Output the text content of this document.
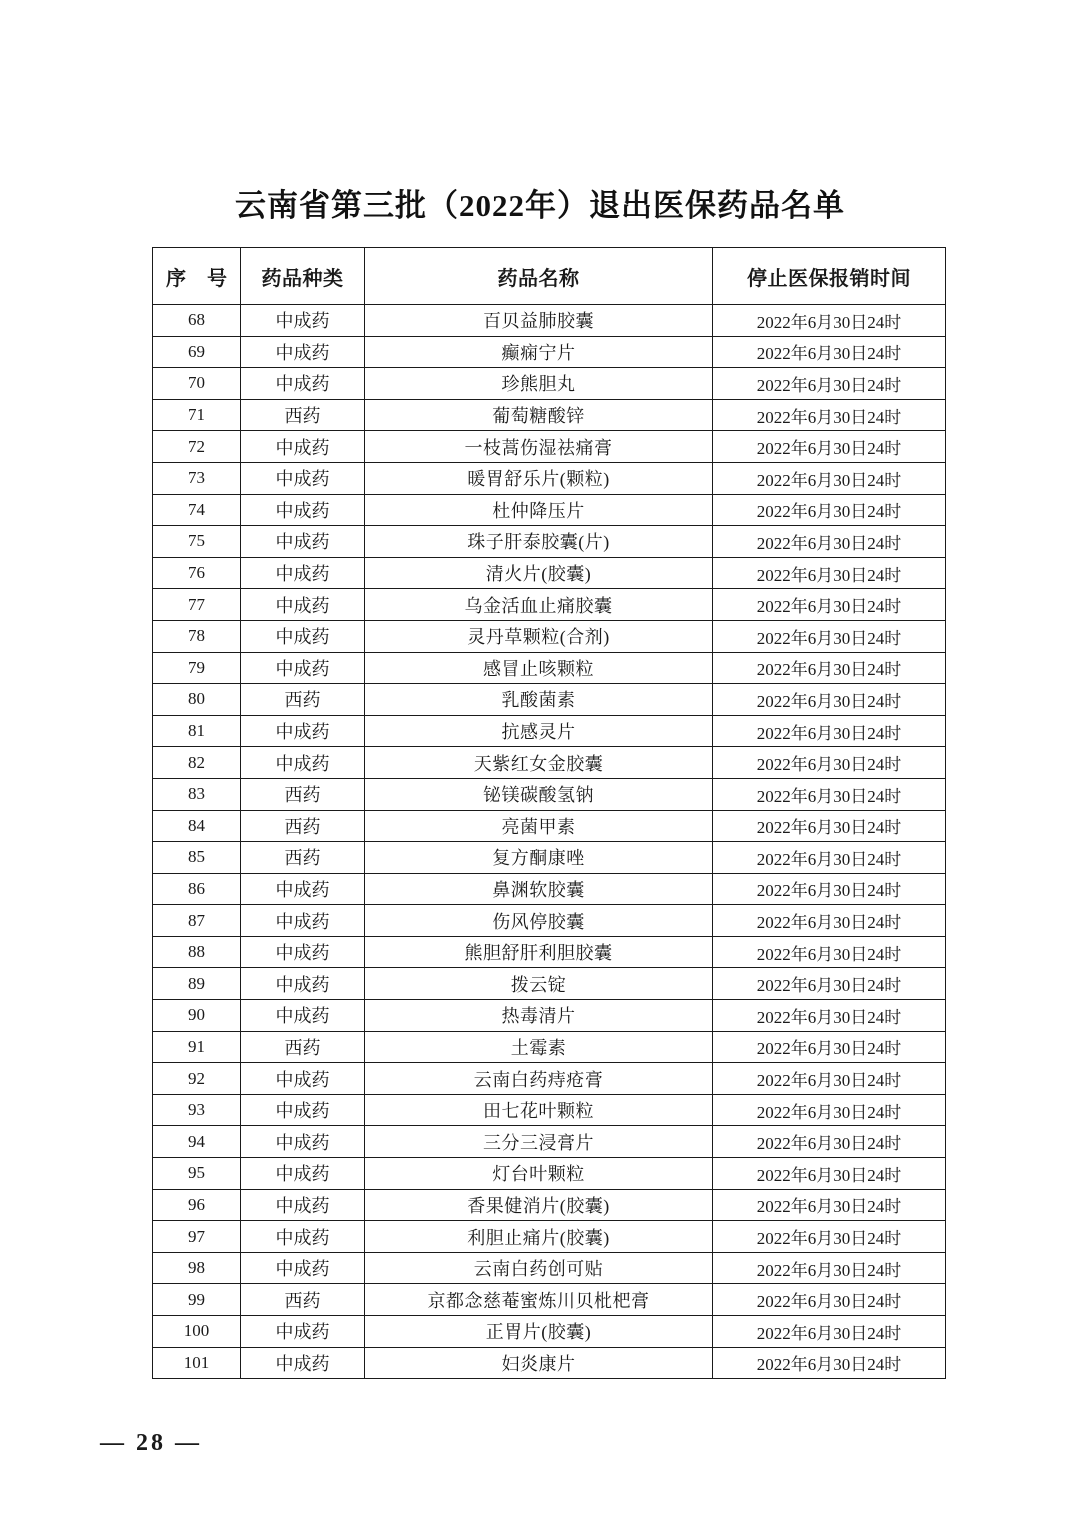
云南省第三批（2022年）退出医保药品名单
序 号	药品种类	药品名称	停止医保报销时间
68	中成药	百贝益肺胶囊	2022年6月30日24时
69	中成药	癫痫宁片	2022年6月30日24时
70	中成药	珍熊胆丸	2022年6月30日24时
71	西药	葡萄糖酸锌	2022年6月30日24时
72	中成药	一枝蒿伤湿祛痛膏	2022年6月30日24时
73	中成药	暖胃舒乐片(颗粒)	2022年6月30日24时
74	中成药	杜仲降压片	2022年6月30日24时
75	中成药	珠子肝泰胶囊(片)	2022年6月30日24时
76	中成药	清火片(胶囊)	2022年6月30日24时
77	中成药	乌金活血止痛胶囊	2022年6月30日24时
78	中成药	灵丹草颗粒(合剂)	2022年6月30日24时
79	中成药	感冒止咳颗粒	2022年6月30日24时
80	西药	乳酸菌素	2022年6月30日24时
81	中成药	抗感灵片	2022年6月30日24时
82	中成药	天紫红女金胶囊	2022年6月30日24时
83	西药	铋镁碳酸氢钠	2022年6月30日24时
84	西药	亮菌甲素	2022年6月30日24时
85	西药	复方酮康唑	2022年6月30日24时
86	中成药	鼻渊软胶囊	2022年6月30日24时
87	中成药	伤风停胶囊	2022年6月30日24时
88	中成药	熊胆舒肝利胆胶囊	2022年6月30日24时
89	中成药	拨云锭	2022年6月30日24时
90	中成药	热毒清片	2022年6月30日24时
91	西药	土霉素	2022年6月30日24时
92	中成药	云南白药痔疮膏	2022年6月30日24时
93	中成药	田七花叶颗粒	2022年6月30日24时
94	中成药	三分三浸膏片	2022年6月30日24时
95	中成药	灯台叶颗粒	2022年6月30日24时
96	中成药	香果健消片(胶囊)	2022年6月30日24时
97	中成药	利胆止痛片(胶囊)	2022年6月30日24时
98	中成药	云南白药创可贴	2022年6月30日24时
99	西药	京都念慈菴蜜炼川贝枇杷膏	2022年6月30日24时
100	中成药	正胃片(胶囊)	2022年6月30日24时
101	中成药	妇炎康片	2022年6月30日24时
— 28 —
